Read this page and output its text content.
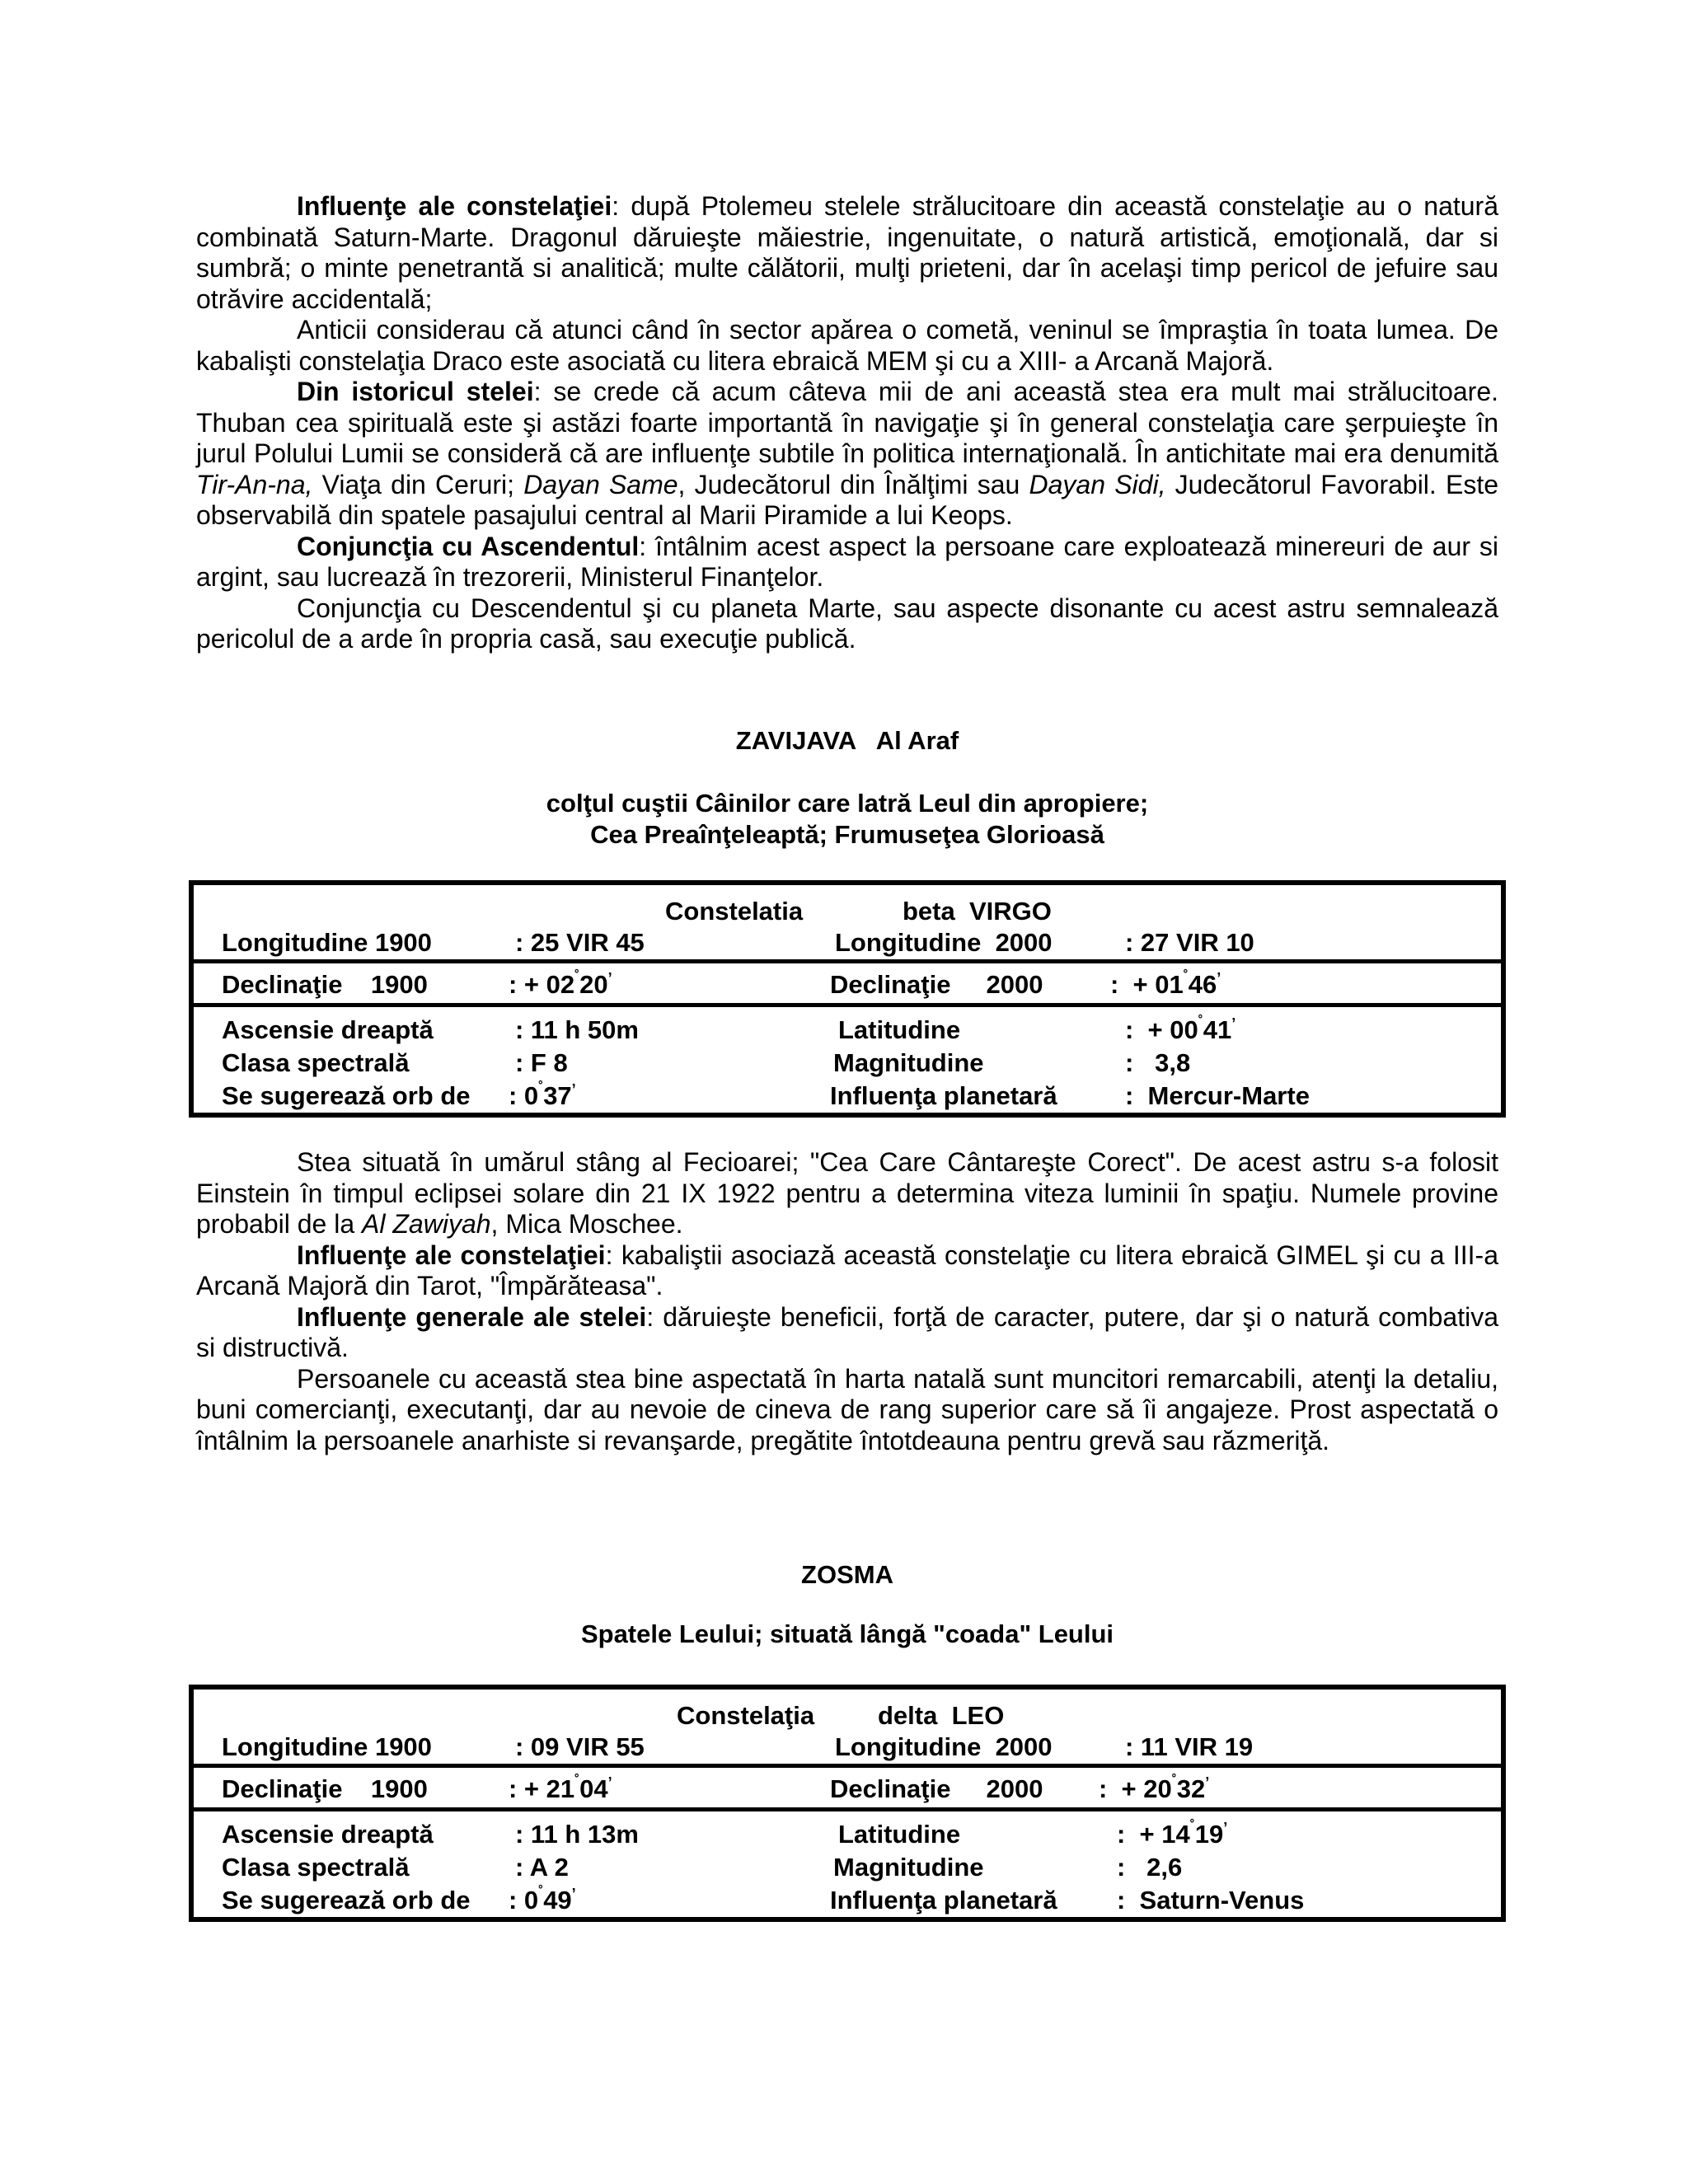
Influenţe ale constelaţiei: după Ptolemeu stelele strălucitoare din această constelaţie au o natură combinată Saturn-Marte. Dragonul dăruieşte măiestrie, ingenuitate, o natură artistică, emoţională, dar si sumbră; o minte penetrantă si analitică; multe călătorii, mulţi prieteni, dar în acelaşi timp pericol de jefuire sau otrăvire accidentală;

Anticii considerau că atunci când în sector apărea o cometă, veninul se împraştia în toata lumea. De kabalişti constelaţia Draco este asociată cu litera ebraică MEM şi cu a XIII- a Arcană Majoră.

Din istoricul stelei: se crede că acum câteva mii de ani această stea era mult mai strălucitoare. Thuban cea spirituală este şi astăzi foarte importantă în navigaţie şi în general constelaţia care şerpuieşte în jurul Polului Lumii se consideră că are influenţe subtile în politica internaţională. În antichitate mai era denumită Tir-An-na, Viaţa din Ceruri; Dayan Same, Judecătorul din Înălţimi sau Dayan Sidi, Judecătorul Favorabil. Este observabilă din spatele pasajului central al Marii Piramide a lui Keops.

Conjuncţia cu Ascendentul: întâlnim acest aspect la persoane care exploatează minereuri de aur si argint, sau lucrează în trezorerii, Ministerul Finanţelor.

Conjuncţia cu Descendentul şi cu planeta Marte, sau aspecte disonante cu acest astru semnalează pericolul de a arde în propria casă, sau execuţie publică.

ZAVIJAVA   Al Araf

colţul cuştii Câinilor care latră Leul din apropiere;

Cea Preaînţeleaptă; Frumuseţea Glorioasă

Constelatia	beta  VIRGO
Longitudine 1900	: 25 VIR 45	Longitudine  2000	: 27 VIR 10
Declinaţie    1900	: + 02˚20’	Declinaţie     2000	:  + 01˚46’
Ascensie dreaptă	: 11 h 50m	Latitudine	:  + 00˚41’
Clasa spectrală	: F 8	Magnitudine	:   3,8
Se sugerează orb de : 0˚37’	Influenţa planetară	:  Mercur-Marte

Stea situată în umărul stâng al Fecioarei; "Cea Care Cântareşte Corect". De acest astru s-a folosit Einstein în timpul eclipsei solare din 21 IX 1922 pentru a determina viteza luminii în spaţiu. Numele provine probabil de la Al Zawiyah, Mica Moschee.

Influenţe ale constelaţiei: kabaliştii asociază această constelaţie cu litera ebraică GIMEL şi cu a III-a Arcană Majoră din Tarot, "Împărăteasa".

Influenţe generale ale stelei: dăruieşte beneficii, forţă de caracter, putere, dar şi o natură combativa si distructivă.

Persoanele cu această stea bine aspectată în harta natală sunt muncitori remarcabili, atenţi la detaliu, buni comercianţi, executanţi, dar au nevoie de cineva de rang superior care să îi angajeze. Prost aspectată o întâlnim la persoanele anarhiste si revanşarde, pregătite întotdeauna pentru grevă sau răzmeriţă.

ZOSMA

Spatele Leului; situată lângă "coada" Leului

Constelaţia delta  LEO
Longitudine 1900	: 09 VIR 55	Longitudine  2000	: 11 VIR 19
Declinaţie    1900	: + 21˚04’	Declinaţie     2000 :  + 20˚32’
Ascensie dreaptă	: 11 h 13m	Latitudine	:  + 14˚19’
Clasa spectrală	: A 2	Magnitudine	:   2,6
Se sugerează orb de : 0˚49’	Influenţa planetară :  Saturn-Venus
